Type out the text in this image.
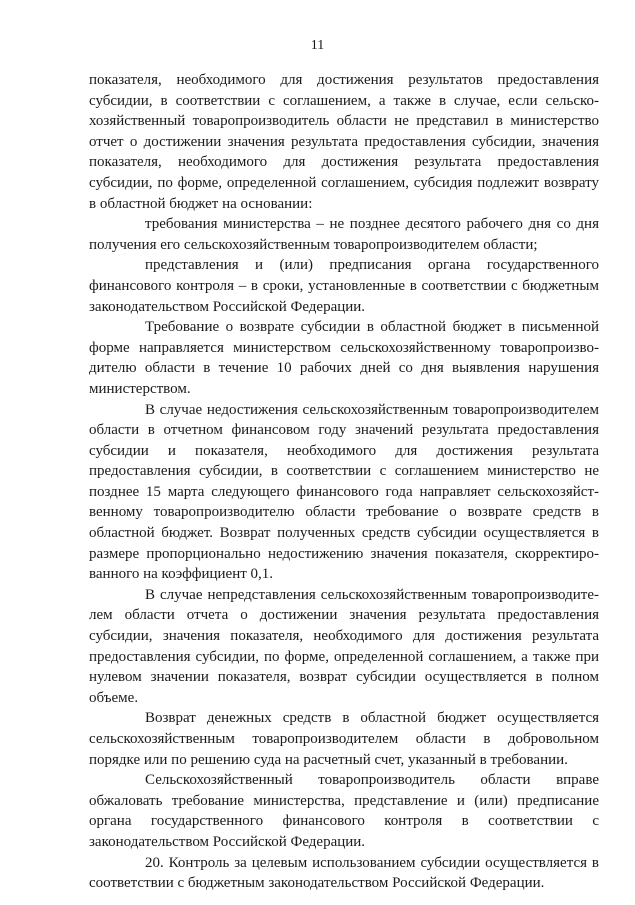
11

показателя, необходимого для достижения результатов предоставления субсидии, в соответствии с соглашением, а также в случае, если сельскохозяйственный товаропроизводитель области не представил в министерство отчет о достижении значения результата предоставления субсидии, значения показателя, необходимого для достижения результата предоставления субсидии, по форме, определенной соглашением, субсидия подлежит возврату в областной бюджет на основании:

требования министерства – не позднее десятого рабочего дня со дня получения его сельскохозяйственным товаропроизводителем области;

представления и (или) предписания органа государственного финансового контроля – в сроки, установленные в соответствии с бюджетным законодательством Российской Федерации.

Требование о возврате субсидии в областной бюджет в письменной форме направляется министерством сельскохозяйственному товаропроизводителю области в течение 10 рабочих дней со дня выявления нарушения министерством.

В случае недостижения сельскохозяйственным товаропроизводителем области в отчетном финансовом году значений результата предоставления субсидии и показателя, необходимого для достижения результата предоставления субсидии, в соответствии с соглашением министерство не позднее 15 марта следующего финансового года направляет сельскохозяйственному товаропроизводителю области требование о возврате средств в областной бюджет. Возврат полученных средств субсидии осуществляется в размере пропорционально недостижению значения показателя, скорректированного на коэффициент 0,1.

В случае непредставления сельскохозяйственным товаропроизводителем области отчета о достижении значения результата предоставления субсидии, значения показателя, необходимого для достижения результата предоставления субсидии, по форме, определенной соглашением, а также при нулевом значении показателя, возврат субсидии осуществляется в полном объеме.

Возврат денежных средств в областной бюджет осуществляется сельскохозяйственным товаропроизводителем области в добровольном порядке или по решению суда на расчетный счет, указанный в требовании.

Сельскохозяйственный товаропроизводитель области вправе обжаловать требование министерства, представление и (или) предписание органа государственного финансового контроля в соответствии с законодательством Российской Федерации.

20. Контроль за целевым использованием субсидии осуществляется в соответствии с бюджетным законодательством Российской Федерации.
